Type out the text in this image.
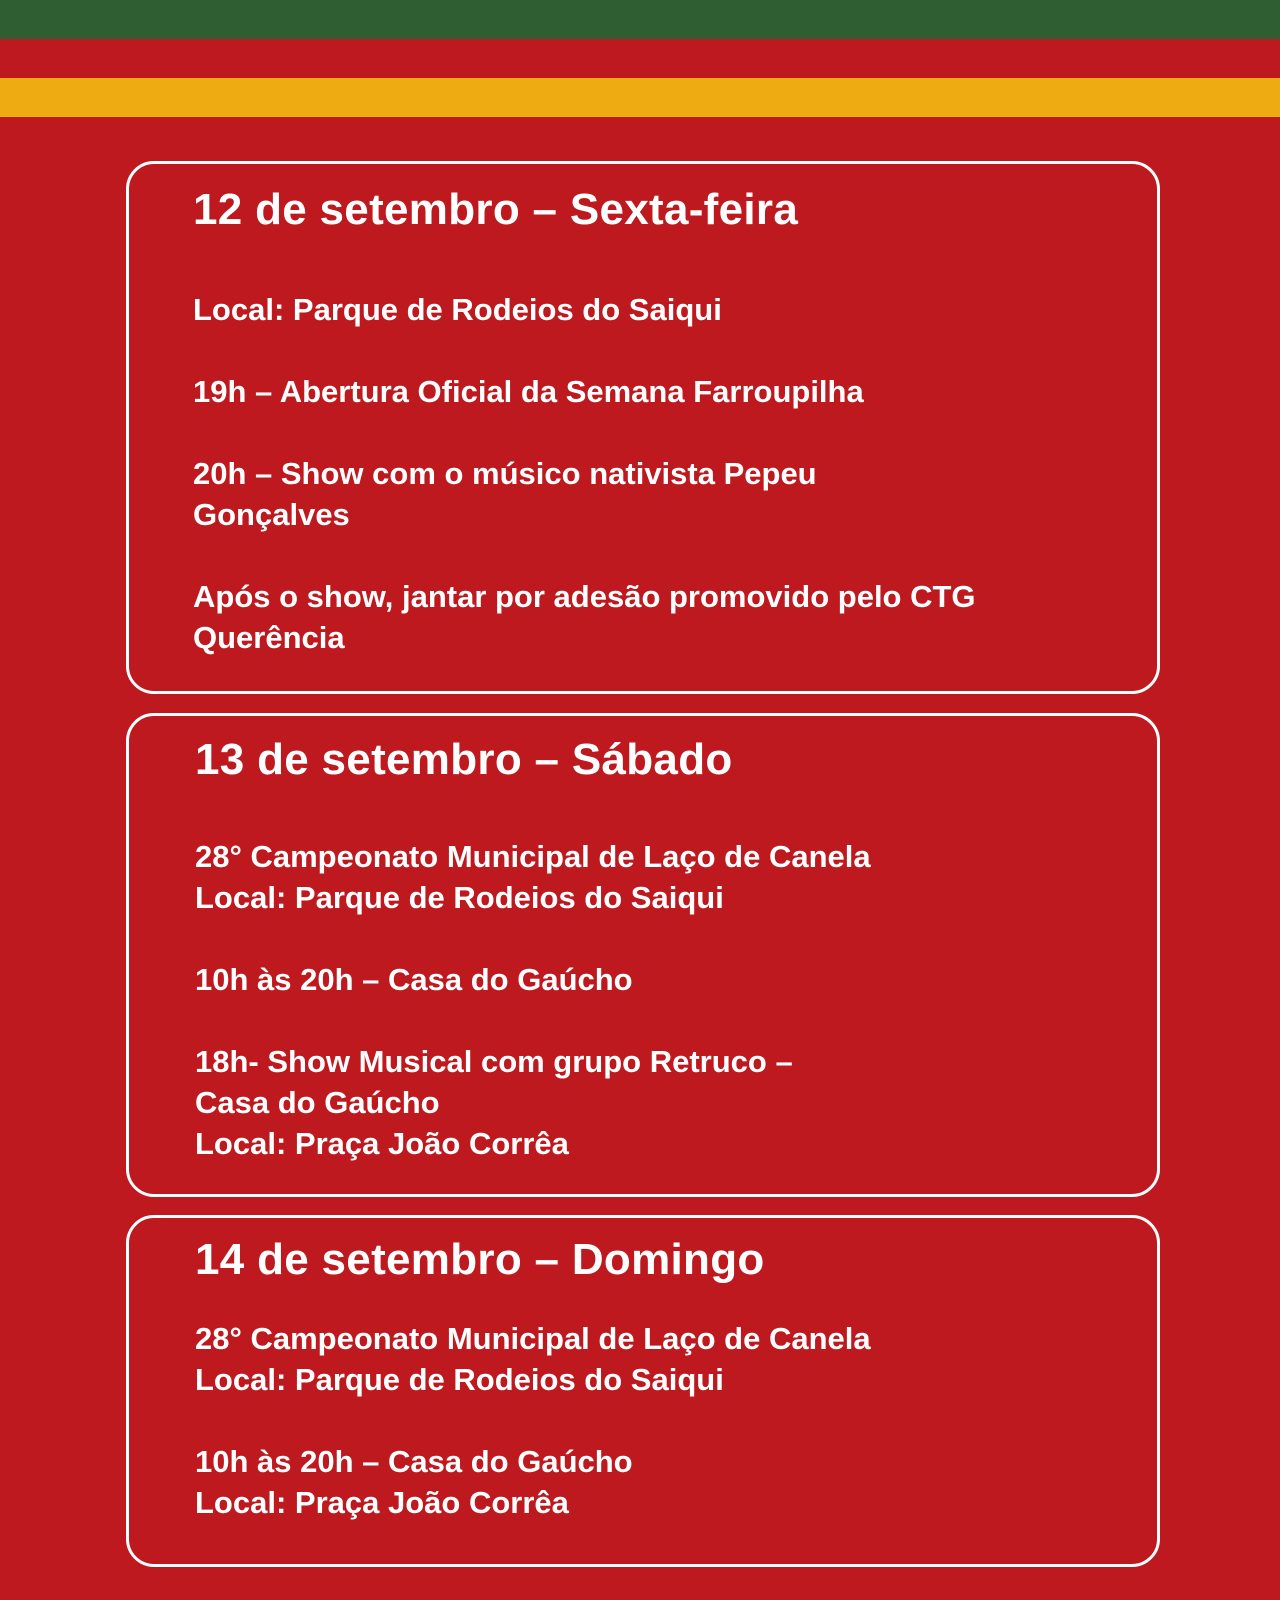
12 de setembro – Sexta-feira
Local: Parque de Rodeios do Saiqui
19h – Abertura Oficial da Semana Farroupilha
20h – Show com o músico nativista Pepeu
Gonçalves
Após o show, jantar por adesão promovido pelo CTG
Querência
13 de setembro – Sábado
28° Campeonato Municipal de Laço de Canela
Local: Parque de Rodeios do Saiqui
10h às 20h – Casa do Gaúcho
18h- Show Musical com grupo Retruco –
Casa do Gaúcho
Local: Praça João Corrêa
14 de setembro – Domingo
28° Campeonato Municipal de Laço de Canela
Local: Parque de Rodeios do Saiqui
10h às 20h – Casa do Gaúcho
Local: Praça João Corrêa
